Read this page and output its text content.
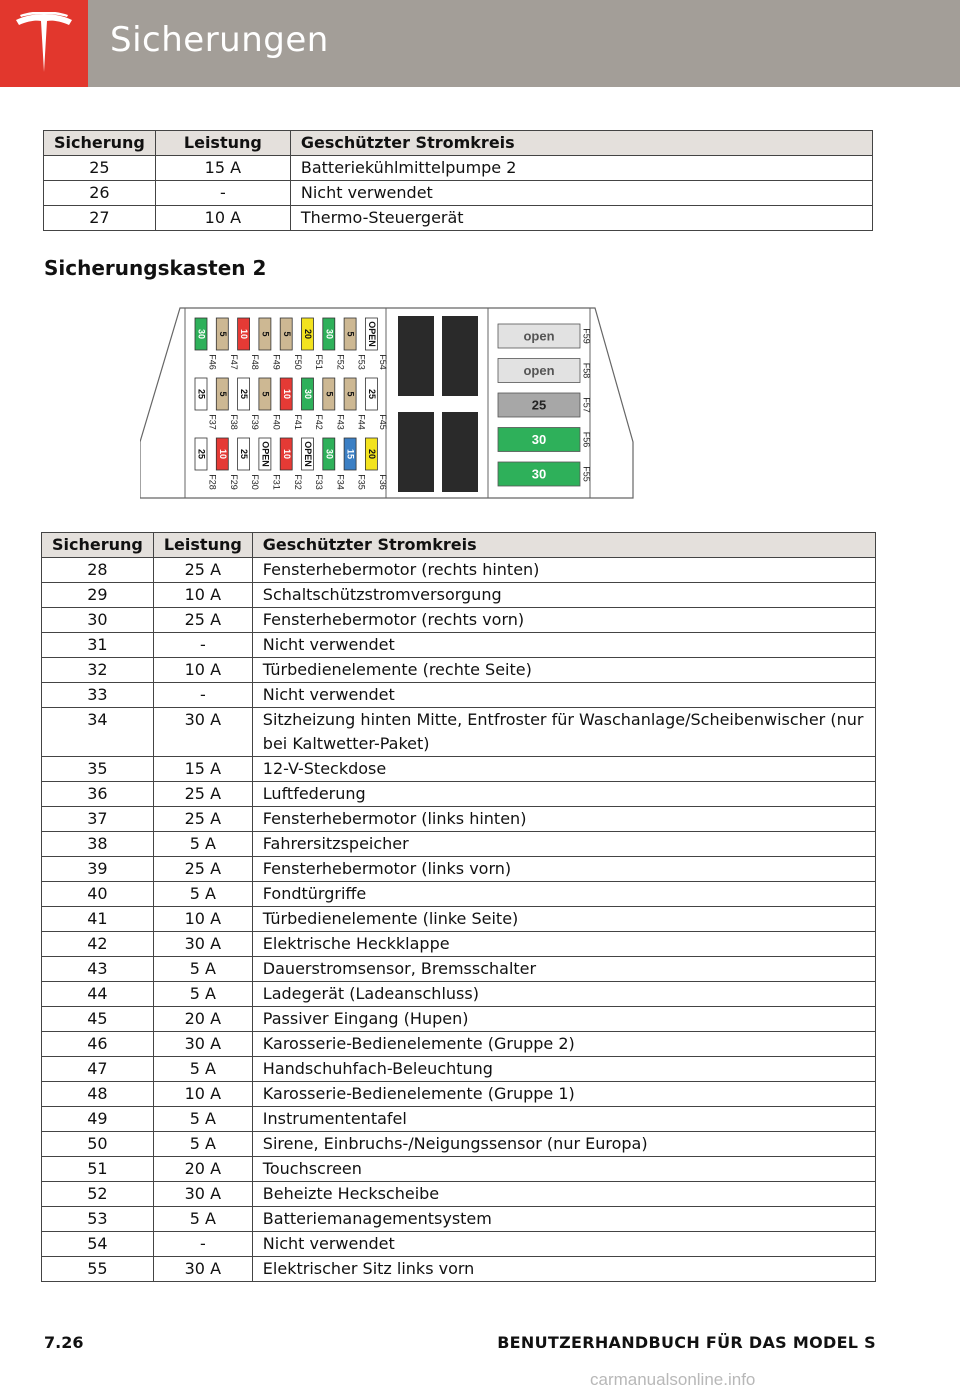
Sicherungen
Sicherung	Leistung	Geschützter Stromkreis
25	15 A	Batteriekühlmittelpumpe 2
26	-	Nicht verwendet
27	10 A	Thermo-Steuergerät
Sicherungskasten 2
30
F46
25
F37
25
F28
5
F47
5
F38
10
F29
10
F48
25
F39
25
F30
5
F49
5
F40
OPEN
F31
5
F50
10
F41
10
F32
20
F51
30
F42
OPEN
F33
30
F52
5
F43
30
F34
5
F53
5
F44
15
F35
OPEN
F54
25
F45
20
F36
open	F59
open	F58
25	F57
30	F56
30	F55
Sicherung	Leistung	Geschützter Stromkreis
28	25 A	Fensterhebermotor (rechts hinten)
29	10 A	Schaltschützstromversorgung
30	25 A	Fensterhebermotor (rechts vorn)
31	-	Nicht verwendet
32	10 A	Türbedienelemente (rechte Seite)
33	-	Nicht verwendet
34	30 A	Sitzheizung hinten Mitte, Entfroster für Waschanlage/Scheibenwischer (nur bei Kaltwetter-Paket)
35	15 A	12-V-Steckdose
36	25 A	Luftfederung
37	25 A	Fensterhebermotor (links hinten)
38	5 A	Fahrersitzspeicher
39	25 A	Fensterhebermotor (links vorn)
40	5 A	Fondtürgriffe
41	10 A	Türbedienelemente (linke Seite)
42	30 A	Elektrische Heckklappe
43	5 A	Dauerstromsensor, Bremsschalter
44	5 A	Ladegerät (Ladeanschluss)
45	20 A	Passiver Eingang (Hupen)
46	30 A	Karosserie-Bedienelemente (Gruppe 2)
47	5 A	Handschuhfach-Beleuchtung
48	10 A	Karosserie-Bedienelemente (Gruppe 1)
49	5 A	Instrumententafel
50	5 A	Sirene, Einbruchs-/Neigungssensor (nur Europa)
51	20 A	Touchscreen
52	30 A	Beheizte Heckscheibe
53	5 A	Batteriemanagementsystem
54	-	Nicht verwendet
55	30 A	Elektrischer Sitz links vorn
7.26	BENUTZERHANDBUCH FÜR DAS MODEL S
carmanualsonline.info
